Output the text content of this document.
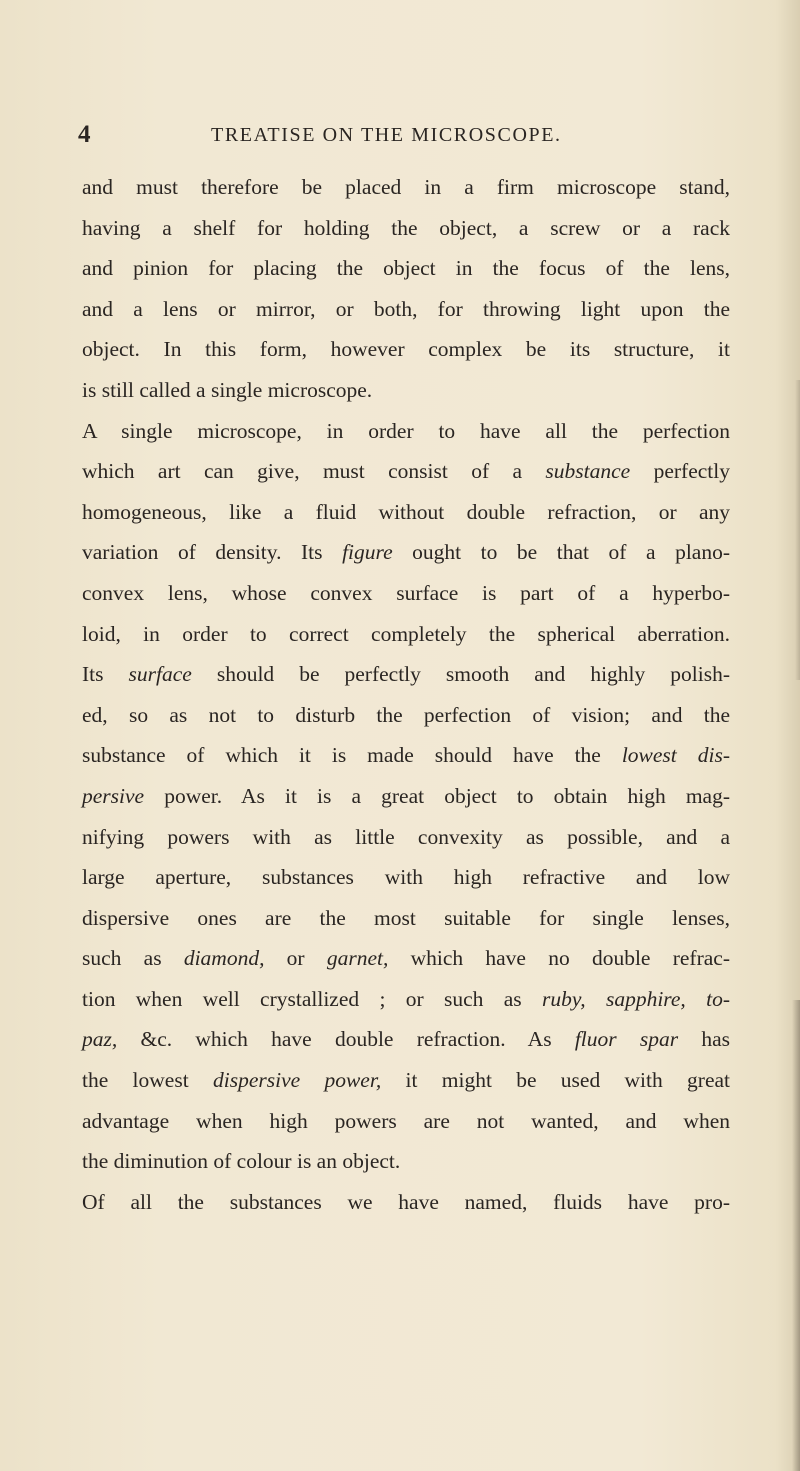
4	TREATISE ON THE MICROSCOPE.
and must therefore be placed in a firm microscope stand,
having a shelf for holding the object, a screw or a rack
and pinion for placing the object in the focus of the lens,
and a lens or mirror, or both, for throwing light upon the
object. In this form, however complex be its structure, it
is still called a single microscope.
A single microscope, in order to have all the perfection
which art can give, must consist of a substance perfectly
homogeneous, like a fluid without double refraction, or any
variation of density. Its figure ought to be that of a plano-
convex lens, whose convex surface is part of a hyperbo-
loid, in order to correct completely the spherical aberration.
Its surface should be perfectly smooth and highly polish-
ed, so as not to disturb the perfection of vision; and the
substance of which it is made should have the lowest dis-
persive power. As it is a great object to obtain high mag-
nifying powers with as little convexity as possible, and a
large aperture, substances with high refractive and low
dispersive ones are the most suitable for single lenses,
such as diamond, or garnet, which have no double refrac-
tion when well crystallized ; or such as ruby, sapphire, to-
paz, &c. which have double refraction. As fluor spar has
the lowest dispersive power, it might be used with great
advantage when high powers are not wanted, and when
the diminution of colour is an object.
Of all the substances we have named, fluids have pro-
